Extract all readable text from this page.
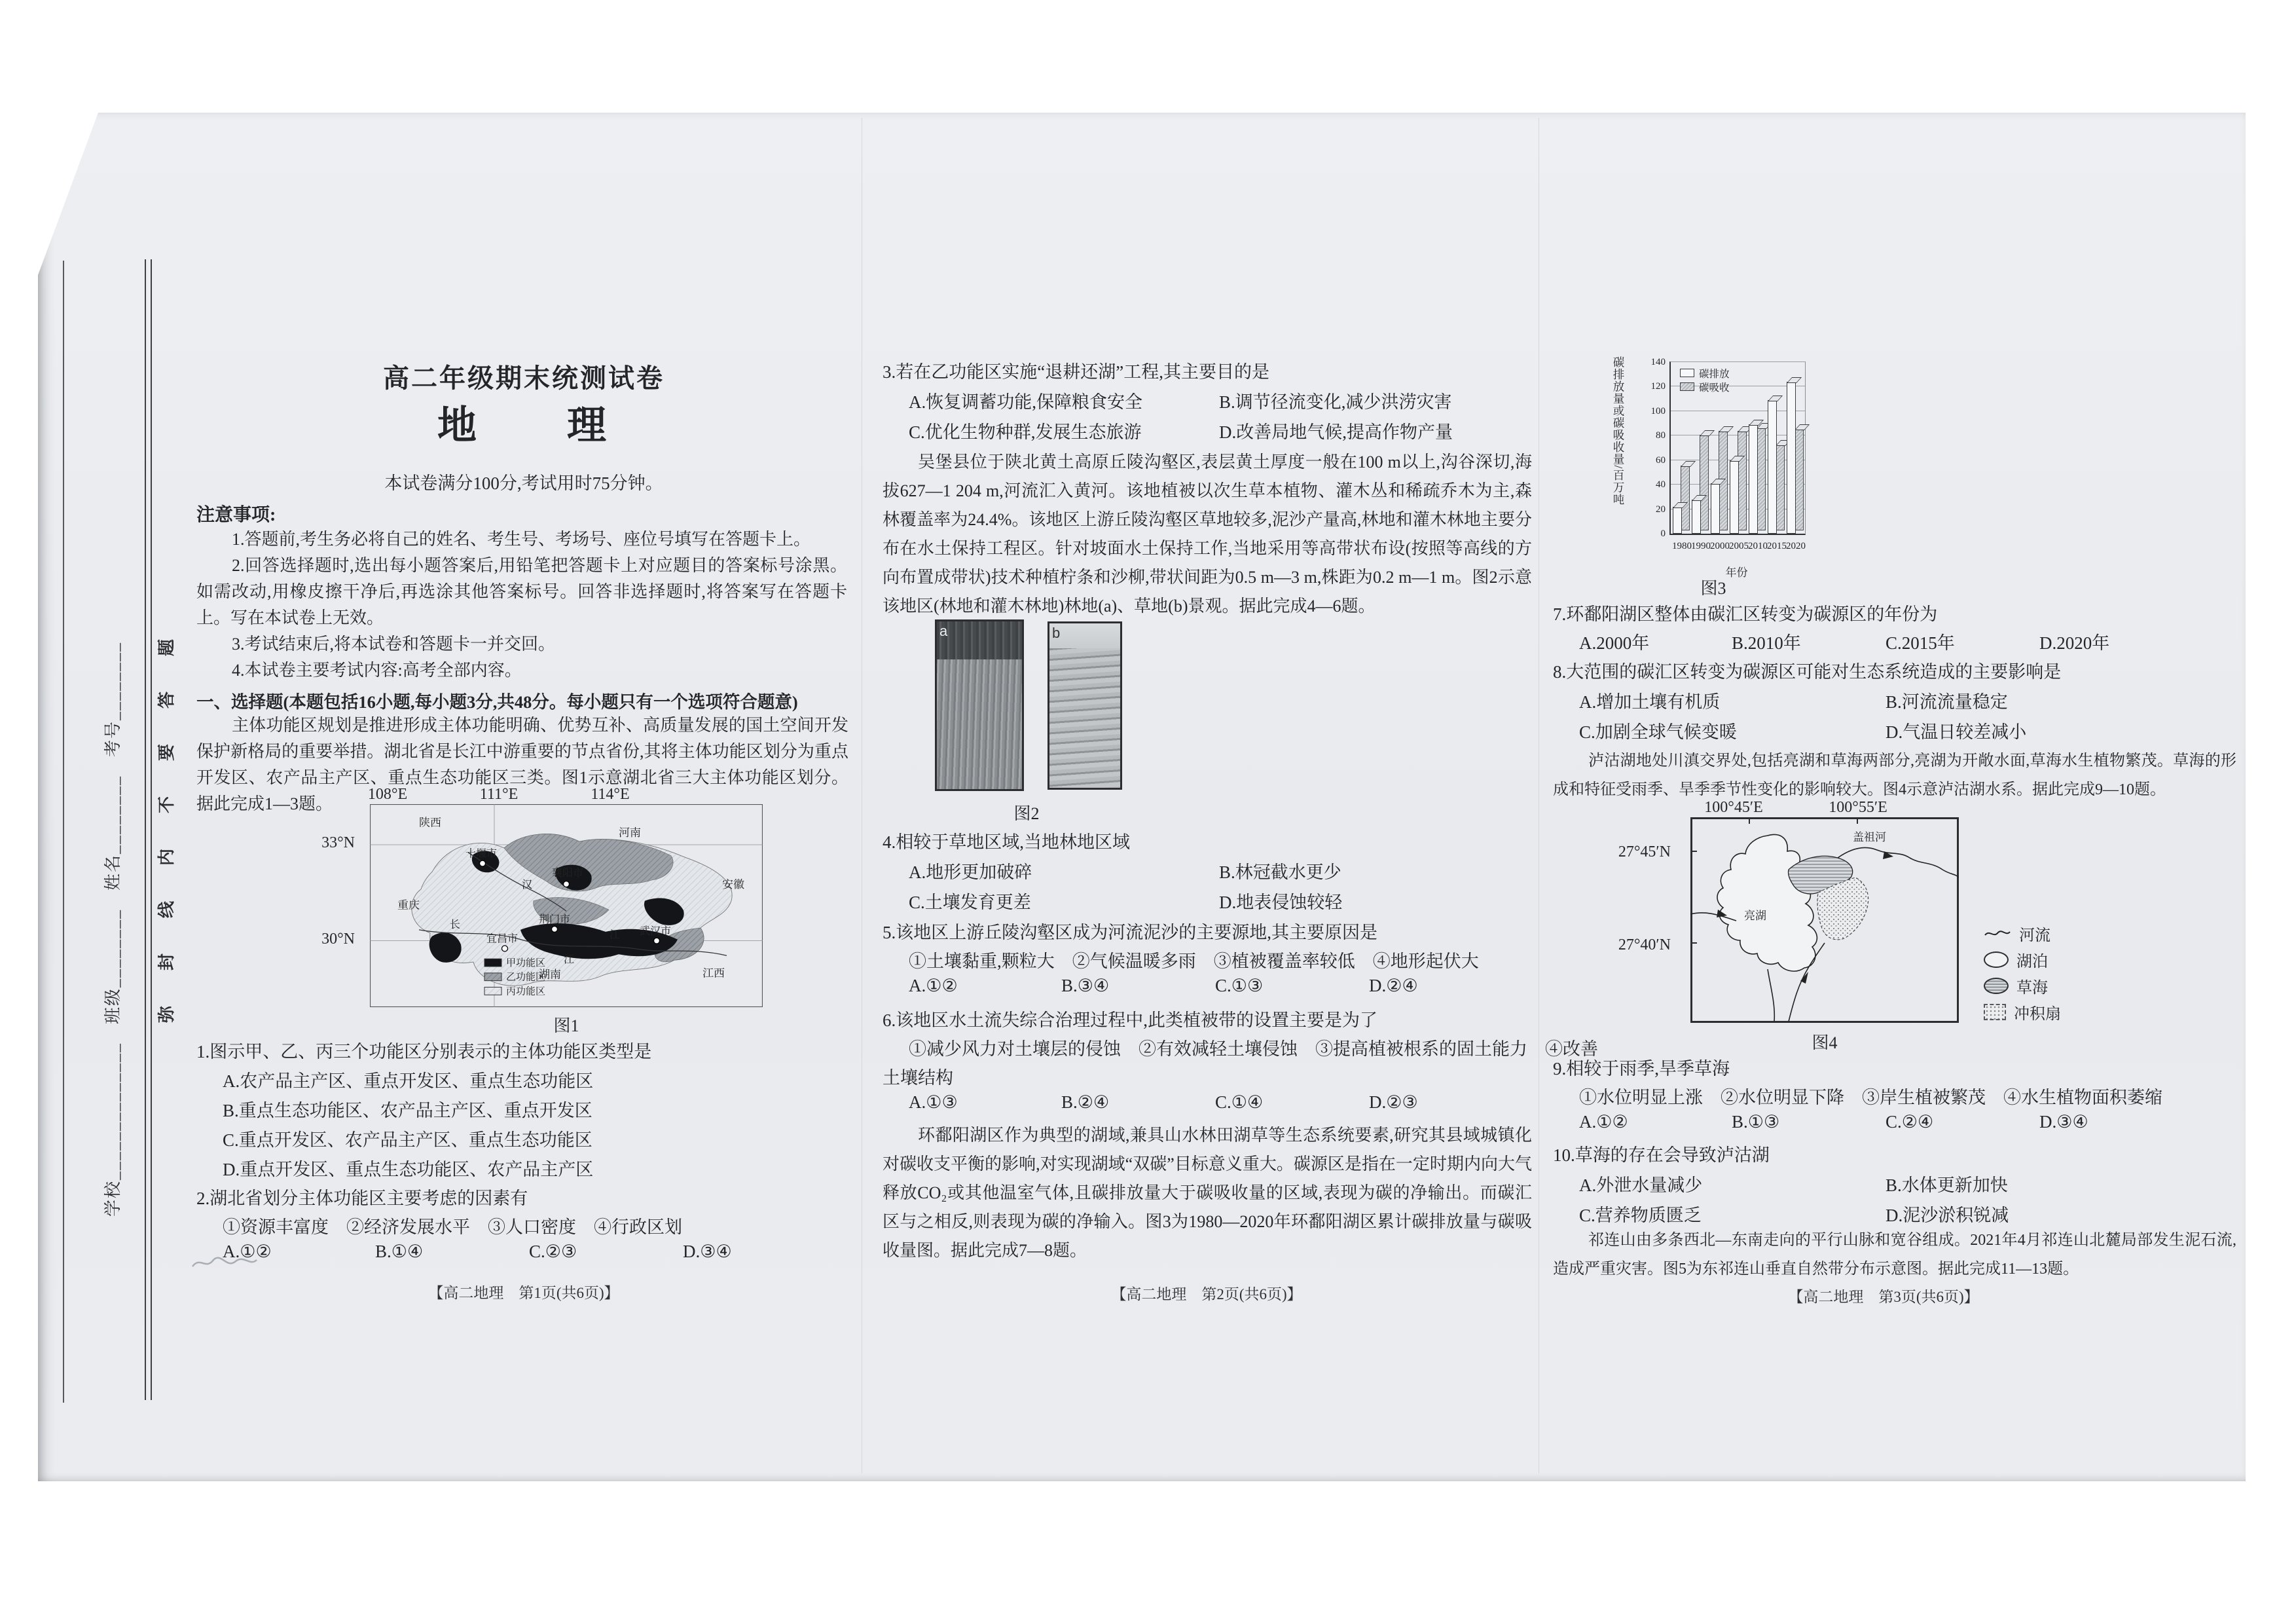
学校______________　班级________　姓名________　考号________ 弥　封　线　内　不　要　答　题
高二年级期末统测试卷
地　　理
本试卷满分100分,考试用时75分钟。
注意事项:
1.答题前,考生务必将自己的姓名、考生号、考场号、座位号填写在答题卡上。
2.回答选择题时,选出每小题答案后,用铅笔把答题卡上对应题目的答案标号涂黑。如需改动,用橡皮擦干净后,再选涂其他答案标号。回答非选择题时,将答案写在答题卡上。写在本试卷上无效。
3.考试结束后,将本试卷和答题卡一并交回。
4.本试卷主要考试内容:高考全部内容。
一、选择题(本题包括16小题,每小题3分,共48分。每小题只有一个选项符合题意)
主体功能区规划是推进形成主体功能明确、优势互补、高质量发展的国土空间开发保护新格局的重要举措。湖北省是长江中游重要的节点省份,其将主体功能区划分为重点开发区、农产品主产区、重点生态功能区三类。图1示意湖北省三大主体功能区划分。据此完成1—3题。	108°E	111°E	114°E
33°N
30°N
陕西
河南
安徽
重庆
湖南	江西
十堰市
襄阳市
荆门市
宜昌市
武汉市
汉
长
江
江
甲功能区
乙功能区
丙功能区
图1
1.图示甲、乙、丙三个功能区分别表示的主体功能区类型是
A.农产品主产区、重点开发区、重点生态功能区
B.重点生态功能区、农产品主产区、重点开发区
C.重点开发区、农产品主产区、重点生态功能区
D.重点开发区、重点生态功能区、农产品主产区
2.湖北省划分主体功能区主要考虑的因素有
①资源丰富度　②经济发展水平　③人口密度　④行政区划
A.①②	B.①④	C.②③	D.③④
【高二地理　第1页(共6页)】
3.若在乙功能区实施“退耕还湖”工程,其主要目的是
A.恢复调蓄功能,保障粮食安全	B.调节径流变化,减少洪涝灾害
C.优化生物种群,发展生态旅游	D.改善局地气候,提高作物产量
吴堡县位于陕北黄土高原丘陵沟壑区,表层黄土厚度一般在100 m以上,沟谷深切,海拔627—1 204 m,河流汇入黄河。该地植被以次生草本植物、灌木丛和稀疏乔木为主,森林覆盖率为24.4%。该地区上游丘陵沟壑区草地较多,泥沙产量高,林地和灌木林地主要分布在水土保持工程区。针对坡面水土保持工作,当地采用等高带状布设(按照等高线的方向布置成带状)技术种植柠条和沙柳,带状间距为0.5 m—3 m,株距为0.2 m—1 m。图2示意该地区(林地和灌木林地)林地(a)、草地(b)景观。据此完成4—6题。
a	b
图2
4.相较于草地区域,当地林地区域
A.地形更加破碎	B.林冠截水更少
C.土壤发育更差	D.地表侵蚀较轻
5.该地区上游丘陵沟壑区成为河流泥沙的主要源地,其主要原因是
①土壤黏重,颗粒大　②气候温暖多雨　③植被覆盖率较低　④地形起伏大
A.①②	B.③④	C.①③	D.②④
6.该地区水土流失综合治理过程中,此类植被带的设置主要是为了
①减少风力对土壤层的侵蚀　②有效减轻土壤侵蚀　③提高植被根系的固土能力　④改善
土壤结构
A.①③	B.②④	C.①④	D.②③
环鄱阳湖区作为典型的湖域,兼具山水林田湖草等生态系统要素,研究其县域城镇化对碳收支平衡的影响,对实现湖域“双碳”目标意义重大。碳源区是指在一定时期内向大气释放CO₂或其他温室气体,且碳排放量大于碳吸收量的区域,表现为碳的净输出。而碳汇区与之相反,则表现为碳的净输入。图3为1980—2020年环鄱阳湖区累计碳排放量与碳吸收量图。据此完成7—8题。
【高二地理　第2页(共6页)】
碳排放量或碳吸收量/百万吨	碳排放
碳吸收
0
20
40
60
80
100
120
140
1980 1990 2000 2005 2010 2015 2020
年份
图3
7.环鄱阳湖区整体由碳汇区转变为碳源区的年份为
A.2000年	B.2010年	C.2015年	D.2020年
8.大范围的碳汇区转变为碳源区可能对生态系统造成的主要影响是
A.增加土壤有机质	B.河流流量稳定
C.加剧全球气候变暖	D.气温日较差减小
泸沽湖地处川滇交界处,包括亮湖和草海两部分,亮湖为开敞水面,草海水生植物繁茂。草海的形成和特征受雨季、旱季季节性变化的影响较大。图4示意泸沽湖水系。据此完成9—10题。
100°45′E	100°55′E
27°45′N
27°40′N
盖祖河
亮湖
河流
湖泊
草海
冲积扇
图4
9.相较于雨季,旱季草海
①水位明显上涨　②水位明显下降　③岸生植被繁茂　④水生植物面积萎缩
A.①②	B.①③	C.②④	D.③④
10.草海的存在会导致泸沽湖
A.外泄水量减少	B.水体更新加快
C.营养物质匮乏	D.泥沙淤积锐减
祁连山由多条西北—东南走向的平行山脉和宽谷组成。2021年4月祁连山北麓局部发生泥石流,造成严重灾害。图5为东祁连山垂直自然带分布示意图。据此完成11—13题。
【高二地理　第3页(共6页)】
